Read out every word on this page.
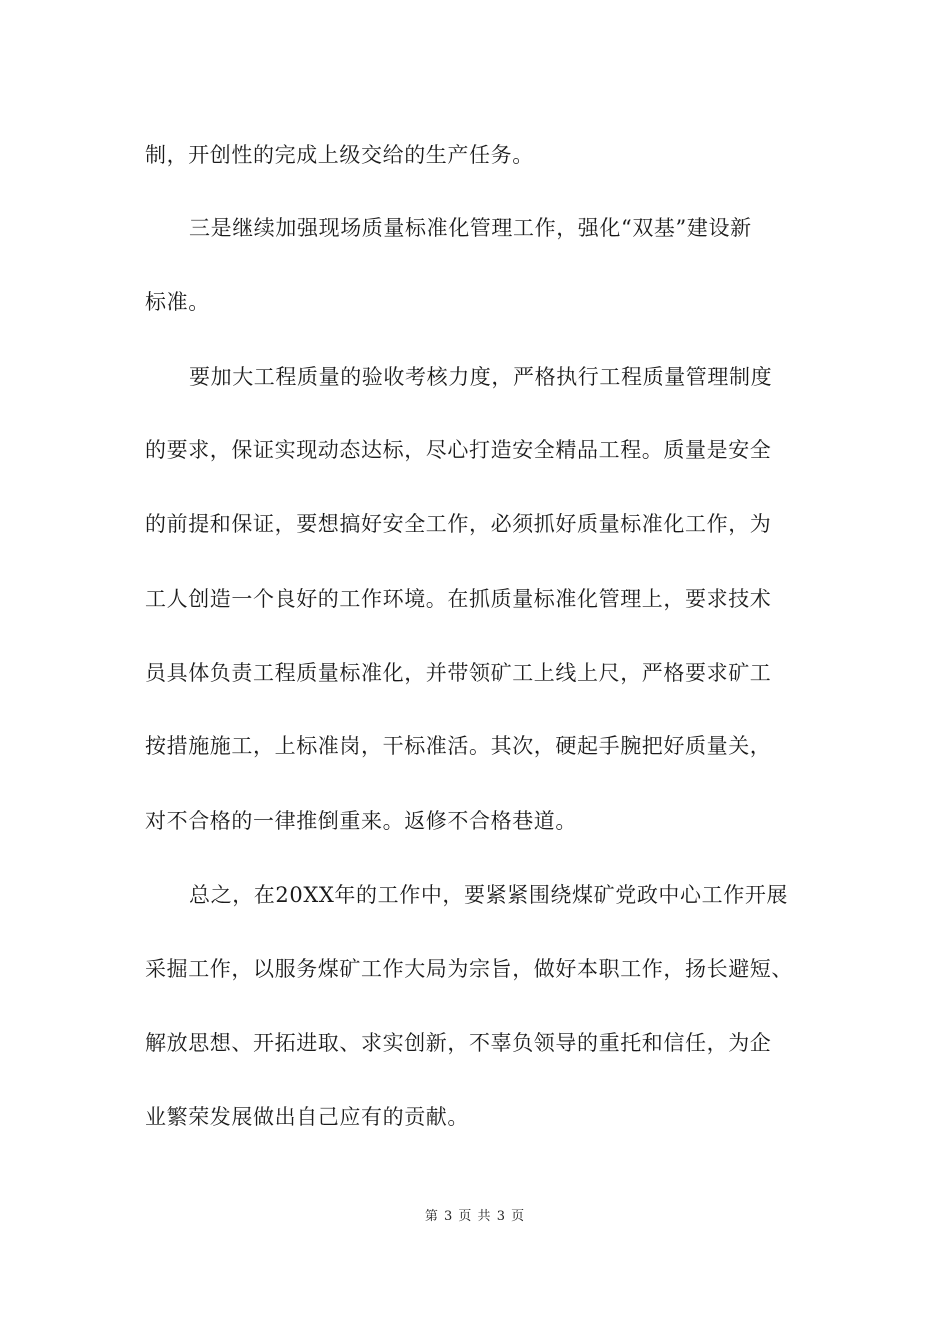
制，开创性的完成上级交给的生产任务。
三是继续加强现场质量标准化管理工作，强化“双基”建设新
标准。
要加大工程质量的验收考核力度，严格执行工程质量管理制度
的要求，保证实现动态达标，尽心打造安全精品工程。质量是安全
的前提和保证，要想搞好安全工作，必须抓好质量标准化工作，为
工人创造一个良好的工作环境。在抓质量标准化管理上，要求技术
员具体负责工程质量标准化，并带领矿工上线上尺，严格要求矿工
按措施施工，上标准岗，干标准活。其次，硬起手腕把好质量关，
对不合格的一律推倒重来。返修不合格巷道。
总之，在20XX年的工作中，要紧紧围绕煤矿党政中心工作开展
采掘工作，以服务煤矿工作大局为宗旨，做好本职工作，扬长避短、
解放思想、开拓进取、求实创新，不辜负领导的重托和信任，为企
业繁荣发展做出自己应有的贡献。
第 3 页 共 3 页
